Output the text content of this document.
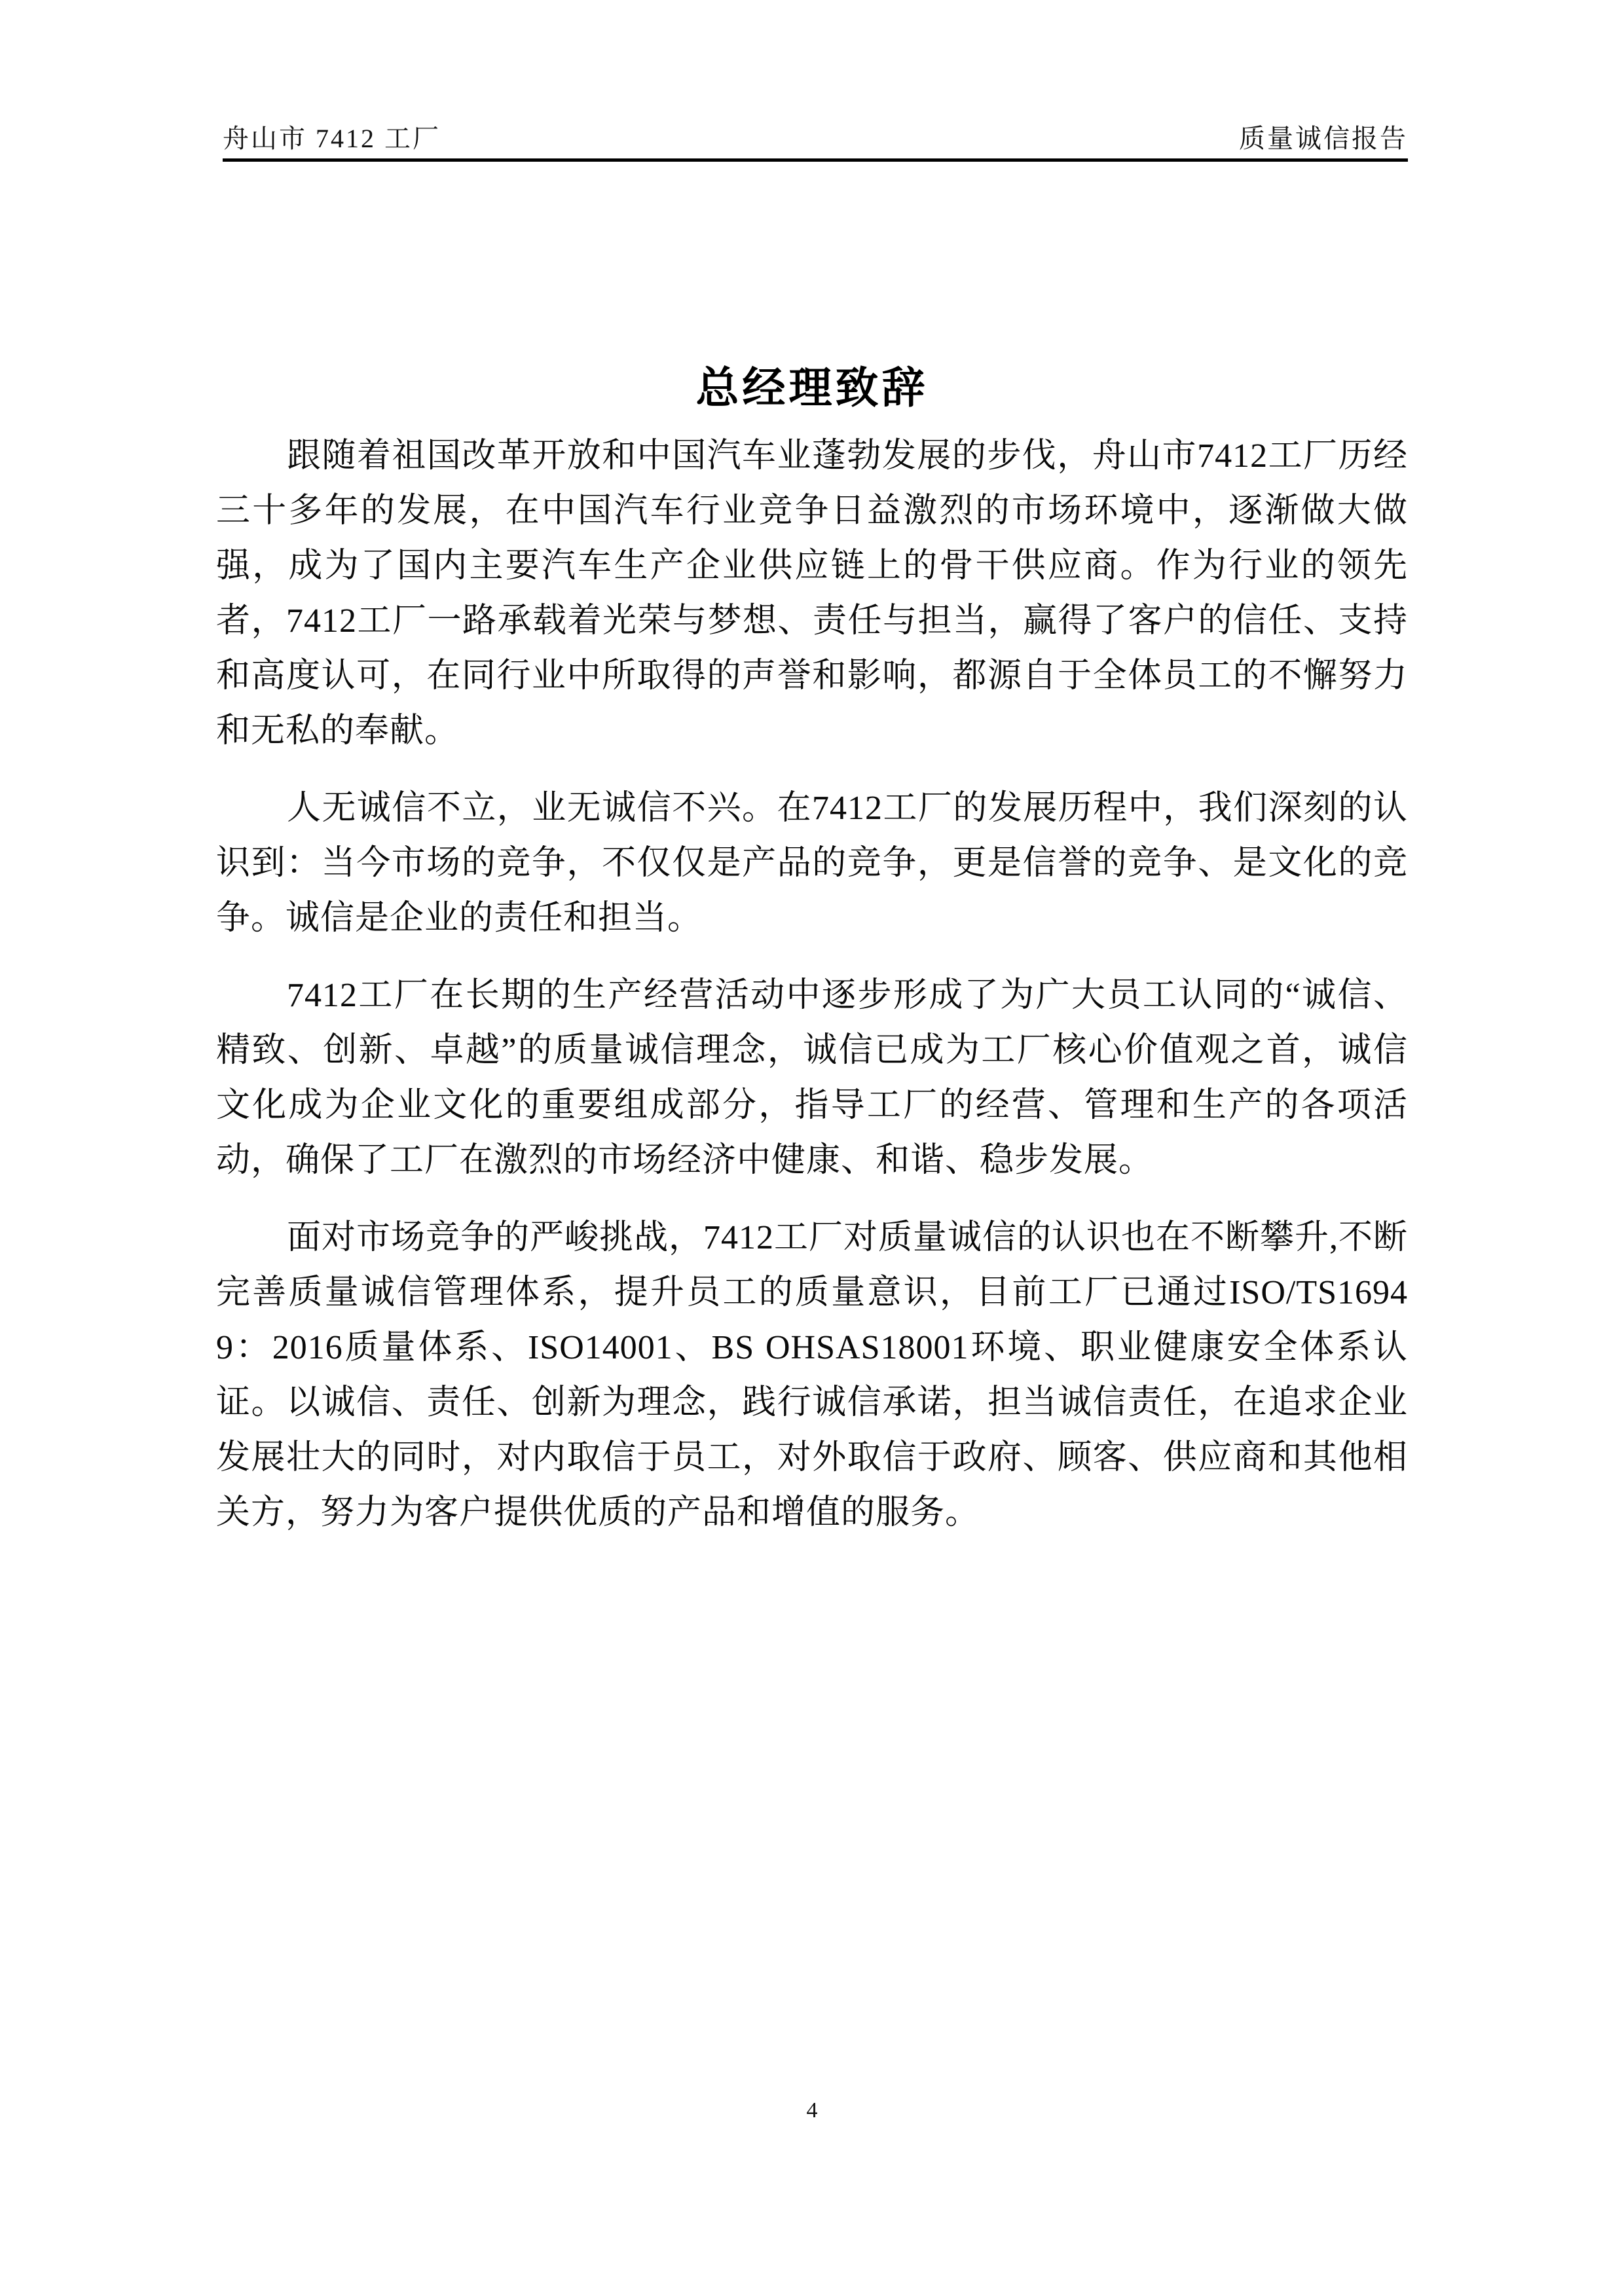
舟山市 7412 工厂	质量诚信报告
总经理致辞

跟随着祖国改革开放和中国汽车业蓬勃发展的步伐，舟山市7412工厂历经三十多年的发展，在中国汽车行业竞争日益激烈的市场环境中，逐渐做大做强，成为了国内主要汽车生产企业供应链上的骨干供应商。作为行业的领先者，7412工厂一路承载着光荣与梦想、责任与担当，赢得了客户的信任、支持和高度认可，在同行业中所取得的声誉和影响，都源自于全体员工的不懈努力和无私的奉献。

人无诚信不立，业无诚信不兴。在7412工厂的发展历程中，我们深刻的认识到：当今市场的竞争，不仅仅是产品的竞争，更是信誉的竞争、是文化的竞争。诚信是企业的责任和担当。

7412工厂在长期的生产经营活动中逐步形成了为广大员工认同的“诚信、精致、创新、卓越”的质量诚信理念，诚信已成为工厂核心价值观之首，诚信文化成为企业文化的重要组成部分，指导工厂的经营、管理和生产的各项活动，确保了工厂在激烈的市场经济中健康、和谐、稳步发展。

面对市场竞争的严峻挑战，7412工厂对质量诚信的认识也在不断攀升,不断完善质量诚信管理体系，提升员工的质量意识，目前工厂已通过ISO/TS16949：2016质量体系、ISO14001、BS OHSAS18001环境、职业健康安全体系认证。以诚信、责任、创新为理念，践行诚信承诺，担当诚信责任，在追求企业发展壮大的同时，对内取信于员工，对外取信于政府、顾客、供应商和其他相关方，努力为客户提供优质的产品和增值的服务。

4
